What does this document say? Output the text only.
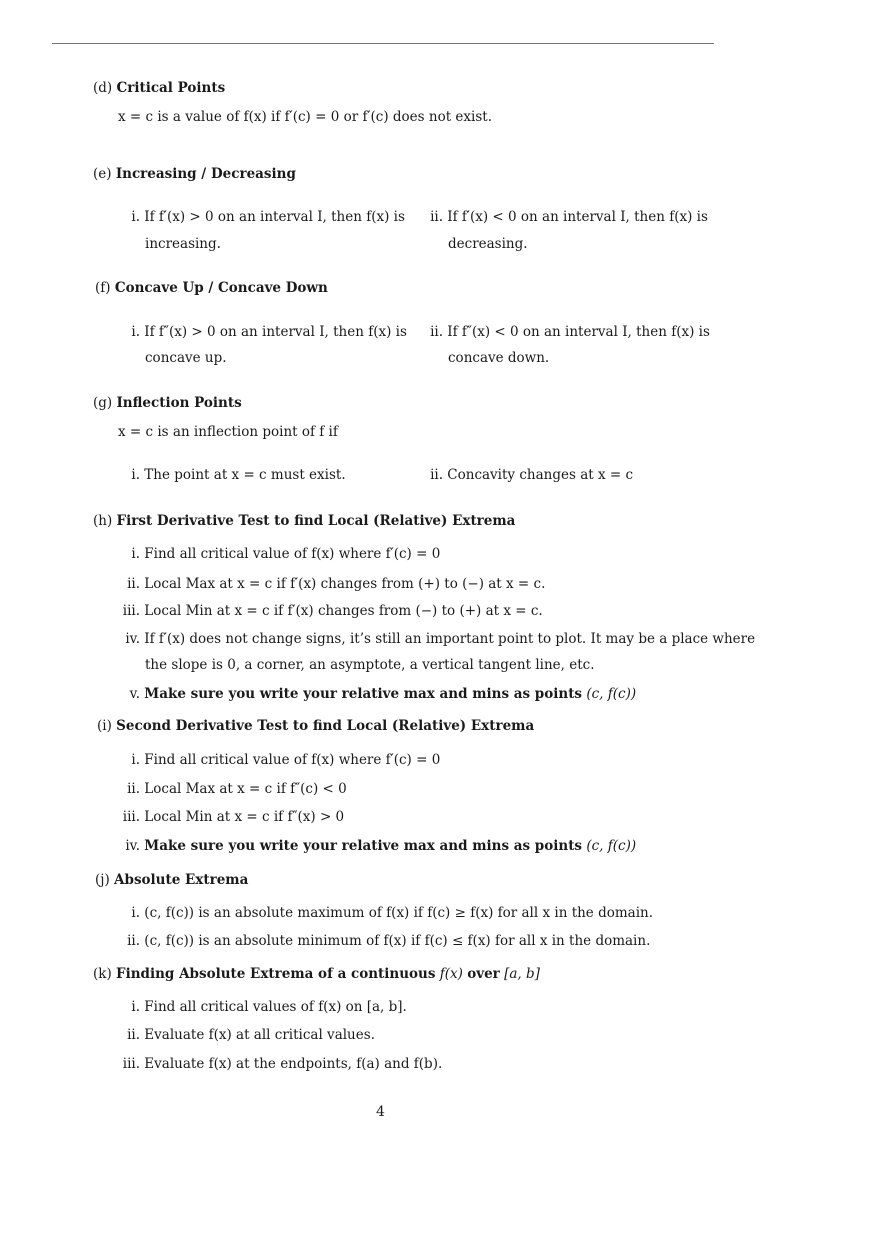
(d) Critical Points
x = c is a value of f(x) if f′(c) = 0 or f′(c) does not exist.
(e) Increasing / Decreasing
i. If f′(x) > 0 on an interval I, then f(x) is
increasing.
ii. If f′(x) < 0 on an interval I, then f(x) is
decreasing.
(f) Concave Up / Concave Down
i. If f″(x) > 0 on an interval I, then f(x) is
concave up.
ii. If f″(x) < 0 on an interval I, then f(x) is
concave down.
(g) Inflection Points
x = c is an inflection point of f if
i. The point at x = c must exist.	ii. Concavity changes at x = c
(h) First Derivative Test to find Local (Relative) Extrema
i. Find all critical value of f(x) where f′(c) = 0
ii. Local Max at x = c if f′(x) changes from (+) to (−) at x = c.
iii. Local Min at x = c if f′(x) changes from (−) to (+) at x = c.
iv. If f′(x) does not change signs, it’s still an important point to plot. It may be a place where
the slope is 0, a corner, an asymptote, a vertical tangent line, etc.
v. Make sure you write your relative max and mins as points (c, f(c))
(i) Second Derivative Test to find Local (Relative) Extrema
i. Find all critical value of f(x) where f′(c) = 0
ii. Local Max at x = c if f″(c) < 0
iii. Local Min at x = c if f″(x) > 0
iv. Make sure you write your relative max and mins as points (c, f(c))
(j) Absolute Extrema
i. (c, f(c)) is an absolute maximum of f(x) if f(c) ≥ f(x) for all x in the domain.
ii. (c, f(c)) is an absolute minimum of f(x) if f(c) ≤ f(x) for all x in the domain.
(k) Finding Absolute Extrema of a continuous f(x) over [a, b]
i. Find all critical values of f(x) on [a, b].
ii. Evaluate f(x) at all critical values.
iii. Evaluate f(x) at the endpoints, f(a) and f(b).
4
